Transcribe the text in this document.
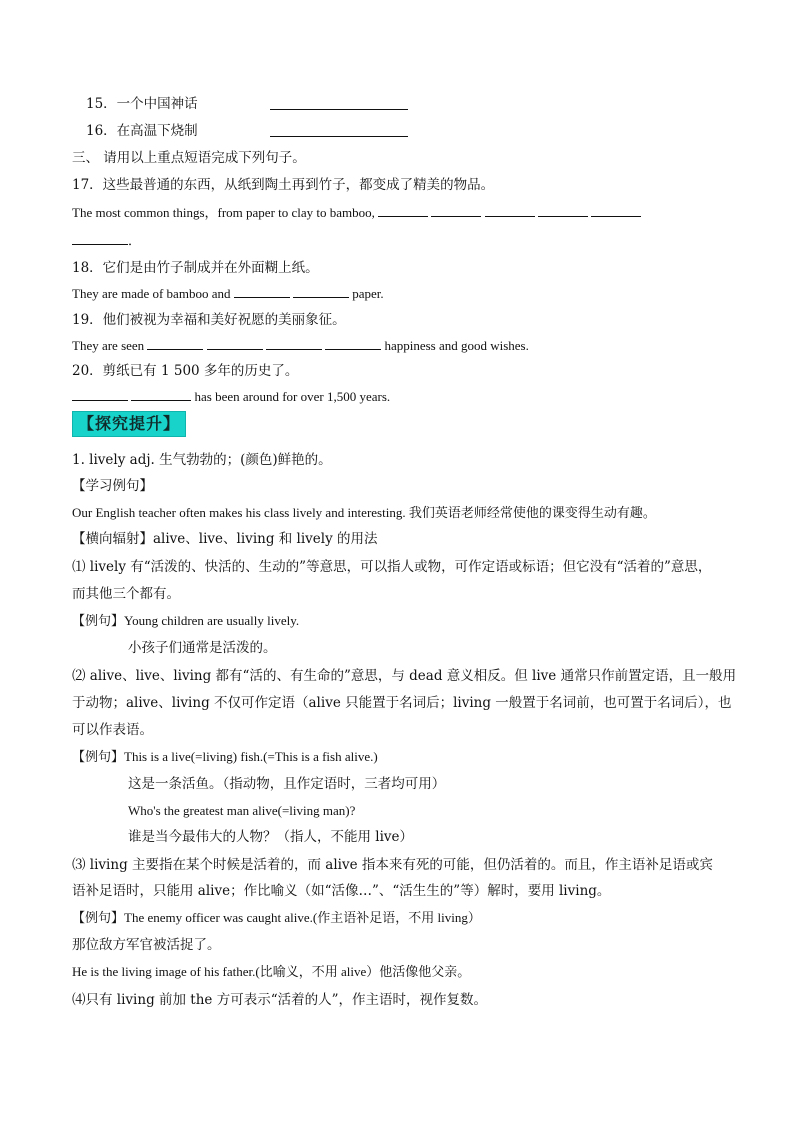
15．一个中国神话
16．在高温下烧制
三、 请用以上重点短语完成下列句子。
17．这些最普通的东西，从纸到陶土再到竹子，都变成了精美的物品。
The most common things，from paper to clay to bamboo,
．
18．它们是由竹子制成并在外面糊上纸。
They are made of bamboo and	paper.
19．他们被视为幸福和美好祝愿的美丽象征。
They are seen	happiness and good wishes.
20．剪纸已有 1 500 多年的历史了。
has been around for over 1,500 years.
【探究提升】
1. lively adj. 生气勃勃的；(颜色)鲜艳的。
【学习例句】
Our English teacher often makes his class lively and interesting. 我们英语老师经常使他的课变得生动有趣。
【横向辐射】alive、live、living 和 lively 的用法
⑴ lively 有“活泼的、快活的、生动的”等意思，可以指人或物，可作定语或标语；但它没有“活着的”意思，
而其他三个都有。
【例句】Young children are usually lively.
小孩子们通常是活泼的。
⑵ alive、live、living 都有“活的、有生命的”意思，与 dead 意义相反。但 live 通常只作前置定语，且一般用
于动物；alive、living 不仅可作定语（alive 只能置于名词后；living 一般置于名词前，也可置于名词后），也
可以作表语。
【例句】This is a live(=living) fish.(=This is a fish alive.)
这是一条活鱼。（指动物，且作定语时，三者均可用）
Who's the greatest man alive(=living man)?
谁是当今最伟大的人物？（指人，不能用 live）
⑶ living 主要指在某个时候是活着的，而 alive 指本来有死的可能，但仍活着的。而且，作主语补足语或宾
语补足语时，只能用 alive；作比喻义（如“活像…”、“活生生的”等）解时，要用 living。
【例句】The enemy officer was caught alive.(作主语补足语，不用 living）
那位敌方军官被活捉了。
He is the living image of his father.(比喻义，不用 alive）他活像他父亲。
⑷只有 living 前加 the 方可表示“活着的人”，作主语时，视作复数。
